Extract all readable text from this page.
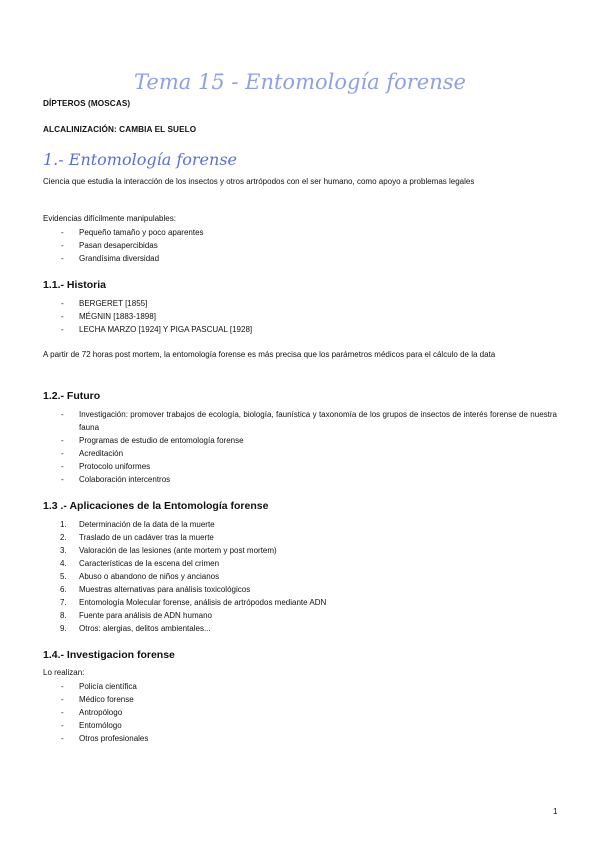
Tema 15 - Entomología forense
DÍPTEROS (MOSCAS)
ALCALINIZACIÓN: CAMBIA EL SUELO
1.- Entomología forense
Ciencia que estudia la interacción de los insectos y otros artrópodos con el ser humano, como apoyo a problemas legales
Evidencias difícilmente manipulables:
- Pequeño tamaño y poco aparentes
- Pasan desapercibidas
- Grandísima diversidad
1.1.- Historia
- BERGERET [1855]
- MÉGNIN [1883-1898]
- LECHA MARZO [1924] Y PIGA PASCUAL [1928]
A partir de 72 horas post mortem, la entomología forense es más precisa que los parámetros médicos para el cálculo de la data
1.2.- Futuro
- Investigación: promover trabajos de ecología, biología, faunística y taxonomía de los grupos de insectos de interés forense de nuestra fauna
- Programas de estudio de entomología forense
- Acreditación
- Protocolo uniformes
- Colaboración intercentros
1.3 .- Aplicaciones de la Entomología forense
1. Determinación de la data de la muerte
2. Traslado de un cadáver tras la muerte
3. Valoración de las lesiones (ante mortem y post mortem)
4. Características de la escena del crimen
5. Abuso o abandono de niños y ancianos
6. Muestras alternativas para análisis toxicológicos
7. Entomología Molecular forense, análisis de artrópodos mediante ADN
8. Fuente para análisis de ADN humano
9. Otros: alergias, delitos ambientales...
1.4.- Investigacion forense
Lo realizan:
- Policía científica
- Médico forense
- Antropólogo
- Entomólogo
- Otros profesionales
1
